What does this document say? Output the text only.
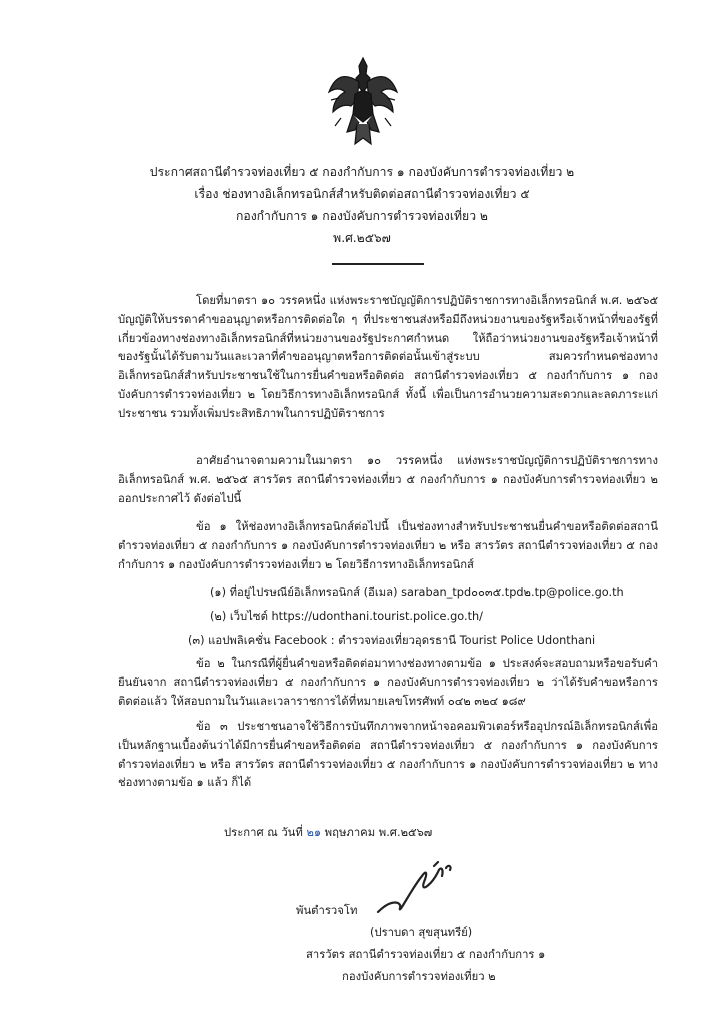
ประกาศสถานีตำรวจท่องเที่ยว ๕ กองกำกับการ ๑ กองบังคับการตำรวจท่องเที่ยว ๒
เรื่อง ช่องทางอิเล็กทรอนิกส์สำหรับติดต่อสถานีตำรวจท่องเที่ยว ๕
กองกำกับการ ๑ กองบังคับการตำรวจท่องเที่ยว ๒
พ.ศ.๒๕๖๗
โดยที่มาตรา ๑๐ วรรคหนึ่ง แห่งพระราชบัญญัติการปฏิบัติราชการทางอิเล็กทรอนิกส์ พ.ศ. ๒๕๖๕ บัญญัติให้บรรดาคำขออนุญาตหรือการติดต่อใด ๆ ที่ประชาชนส่งหรือมีถึงหน่วยงานของรัฐหรือเจ้าหน้าที่ของรัฐที่เกี่ยวข้องทางช่องทางอิเล็กทรอนิกส์ที่หน่วยงานของรัฐประกาศกำหนด ให้ถือว่าหน่วยงานของรัฐหรือเจ้าหน้าที่ของรัฐนั้นได้รับตามวันและเวลาที่คำขออนุญาตหรือการติดต่อนั้นเข้าสู่ระบบ สมควรกำหนดช่องทางอิเล็กทรอนิกส์สำหรับประชาชนใช้ในการยื่นคำขอหรือติดต่อ สถานีตำรวจท่องเที่ยว ๕ กองกำกับการ ๑ กองบังคับการตำรวจท่องเที่ยว ๒ โดยวิธีการทางอิเล็กทรอนิกส์ ทั้งนี้ เพื่อเป็นการอำนวยความสะดวกและลดภาระแก่ประชาชน รวมทั้งเพิ่มประสิทธิภาพในการปฏิบัติราชการ
อาศัยอำนาจตามความในมาตรา ๑๐ วรรคหนึ่ง แห่งพระราชบัญญัติการปฏิบัติราชการทางอิเล็กทรอนิกส์ พ.ศ. ๒๕๖๕ สารวัตร สถานีตำรวจท่องเที่ยว ๕ กองกำกับการ ๑ กองบังคับการตำรวจท่องเที่ยว ๒ ออกประกาศไว้ ดังต่อไปนี้
ข้อ ๑ ให้ช่องทางอิเล็กทรอนิกส์ต่อไปนี้ เป็นช่องทางสำหรับประชาชนยื่นคำขอหรือติดต่อสถานีตำรวจท่องเที่ยว ๕ กองกำกับการ ๑ กองบังคับการตำรวจท่องเที่ยว ๒ หรือ สารวัตร สถานีตำรวจท่องเที่ยว ๕ กองกำกับการ ๑ กองบังคับการตำรวจท่องเที่ยว ๒ โดยวิธีการทางอิเล็กทรอนิกส์
(๑) ที่อยู่ไปรษณีย์อิเล็กทรอนิกส์ (อีเมล) saraban_tpd๐๐๓๕.tpd๒.tp@police.go.th
(๒) เว็บไซต์ https://udonthani.tourist.police.go.th/
(๓) แอปพลิเคชั่น Facebook : ตำรวจท่องเที่ยวอุดรธานี Tourist Police Udonthani
ข้อ ๒ ในกรณีที่ผู้ยื่นคำขอหรือติดต่อมาทางช่องทางตามข้อ ๑ ประสงค์จะสอบถามหรือขอรับคำยืนยันจาก สถานีตำรวจท่องเที่ยว ๕ กองกำกับการ ๑ กองบังคับการตำรวจท่องเที่ยว ๒ ว่าได้รับคำขอหรือการติดต่อแล้ว ให้สอบถามในวันและเวลาราชการได้ที่หมายเลขโทรศัพท์ ๐๔๒ ๓๒๔ ๑๘๙
ข้อ ๓ ประชาชนอาจใช้วิธีการบันทึกภาพจากหน้าจอคอมพิวเตอร์หรืออุปกรณ์อิเล็กทรอนิกส์เพื่อเป็นหลักฐานเบื้องต้นว่าได้มีการยื่นคำขอหรือติดต่อ สถานีตำรวจท่องเที่ยว ๕ กองกำกับการ ๑ กองบังคับการตำรวจท่องเที่ยว ๒ หรือ สารวัตร สถานีตำรวจท่องเที่ยว ๕ กองกำกับการ ๑ กองบังคับการตำรวจท่องเที่ยว ๒ ทางช่องทางตามข้อ ๑ แล้ว ก็ได้
ประกาศ ณ วันที่ ๒๑ พฤษภาคม พ.ศ.๒๕๖๗
พันตำรวจโท
(ปราบดา สุขสุนทรีย์)
สารวัตร สถานีตำรวจท่องเที่ยว ๕ กองกำกับการ ๑
กองบังคับการตำรวจท่องเที่ยว ๒
